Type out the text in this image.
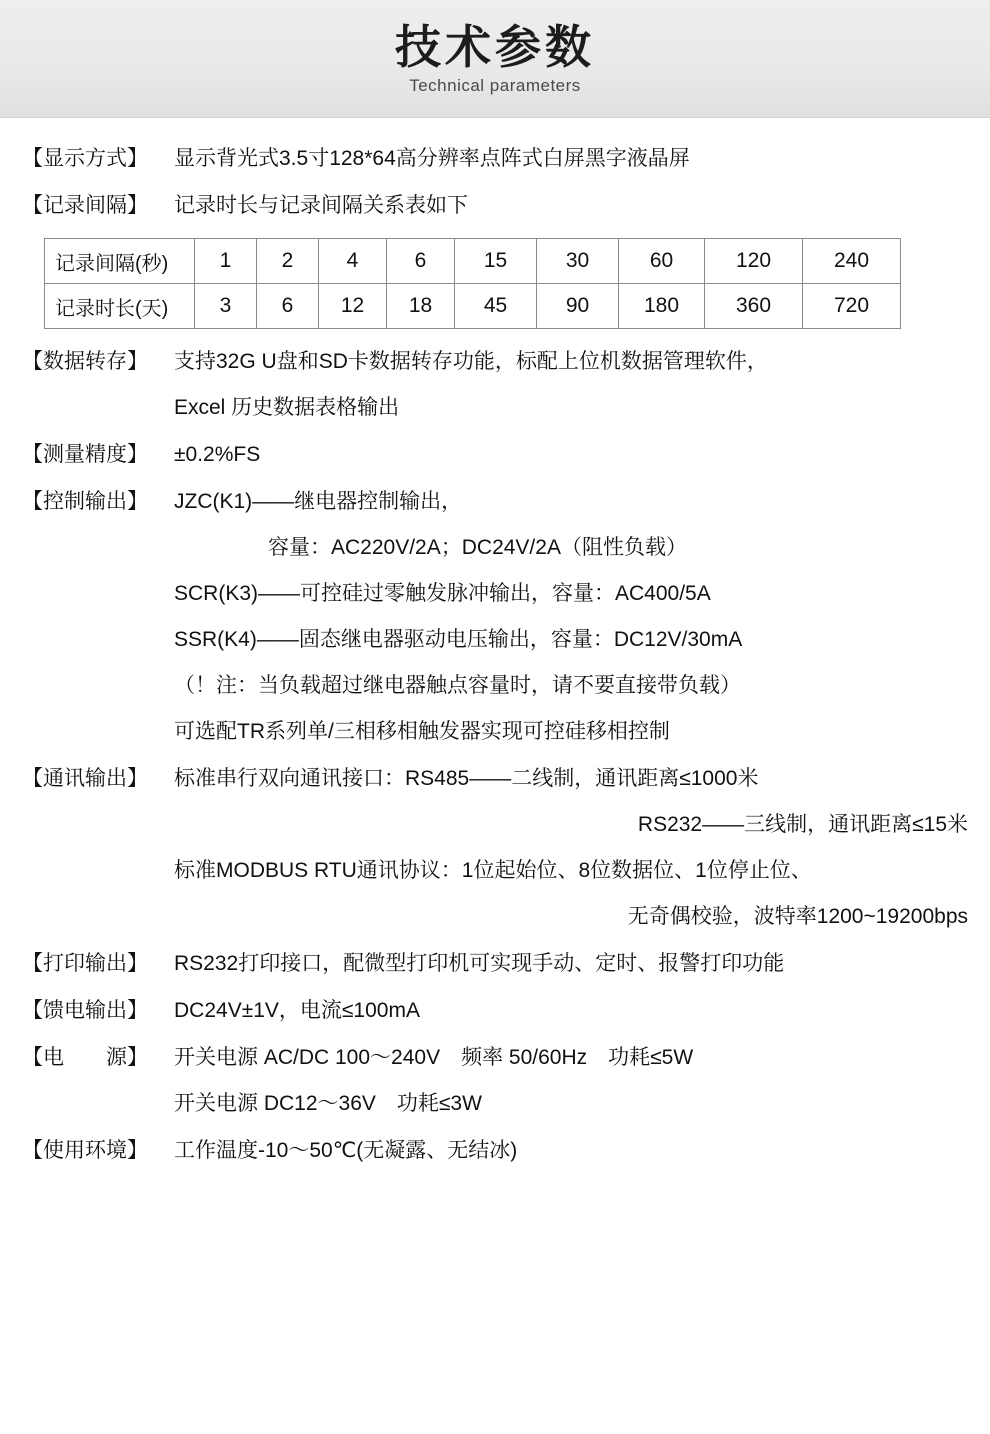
技术参数
Technical parameters
【显示方式】	显示背光式3.5寸128*64高分辨率点阵式白屏黑字液晶屏
【记录间隔】	记录时长与记录间隔关系表如下
记录间隔(秒)	1	2	4	6	15	30	60	120	240
记录时长(天)	3	6	12	18	45	90	180	360	720
【数据转存】	支持32G U盘和SD卡数据转存功能，标配上位机数据管理软件，
Excel 历史数据表格输出
【测量精度】	±0.2%FS
【控制输出】	JZC(K1)——继电器控制输出，
容量：AC220V/2A；DC24V/2A（阻性负载）
SCR(K3)——可控硅过零触发脉冲输出，容量：AC400/5A
SSR(K4)——固态继电器驱动电压输出，容量：DC12V/30mA
（！注：当负载超过继电器触点容量时，请不要直接带负载）
可选配TR系列单/三相移相触发器实现可控硅移相控制
【通讯输出】	标准串行双向通讯接口：RS485——二线制，通讯距离≤1000米
RS232——三线制，通讯距离≤15米
标准MODBUS RTU通讯协议：1位起始位、8位数据位、1位停止位、
无奇偶校验，波特率1200~19200bps
【打印输出】	RS232打印接口，配微型打印机可实现手动、定时、报警打印功能
【馈电输出】	DC24V±1V，电流≤100mA
【电　　源】	开关电源 AC/DC 100～240V　频率 50/60Hz　功耗≤5W
开关电源 DC12～36V　功耗≤3W
【使用环境】	工作温度-10～50℃(无凝露、无结冰)
